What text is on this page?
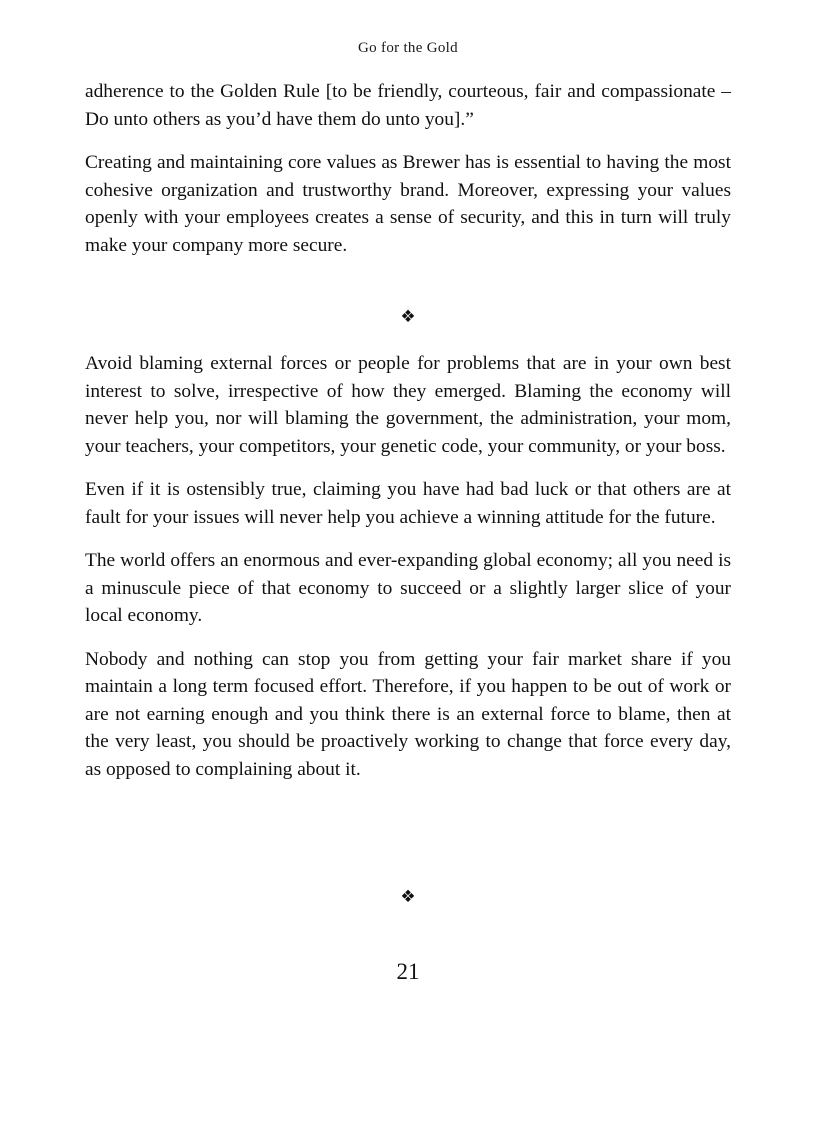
Go for the Gold

adherence to the Golden Rule [to be friendly, courteous, fair and compassionate – Do unto others as you’d have them do unto you].”

Creating and maintaining core values as Brewer has is essential to having the most cohesive organization and trustworthy brand. Moreover, expressing your values openly with your employees creates a sense of security, and this in turn will truly make your company more secure.

❖

Avoid blaming external forces or people for problems that are in your own best interest to solve, irrespective of how they emerged. Blaming the economy will never help you, nor will blaming the government, the administration, your mom, your teachers, your competitors, your genetic code, your community, or your boss.

Even if it is ostensibly true, claiming you have had bad luck or that others are at fault for your issues will never help you achieve a winning attitude for the future.

The world offers an enormous and ever-expanding global economy; all you need is a minuscule piece of that economy to succeed or a slightly larger slice of your local economy.

Nobody and nothing can stop you from getting your fair market share if you maintain a long term focused effort. Therefore, if you happen to be out of work or are not earning enough and you think there is an external force to blame, then at the very least, you should be proactively working to change that force every day, as opposed to complaining about it.

❖
21
